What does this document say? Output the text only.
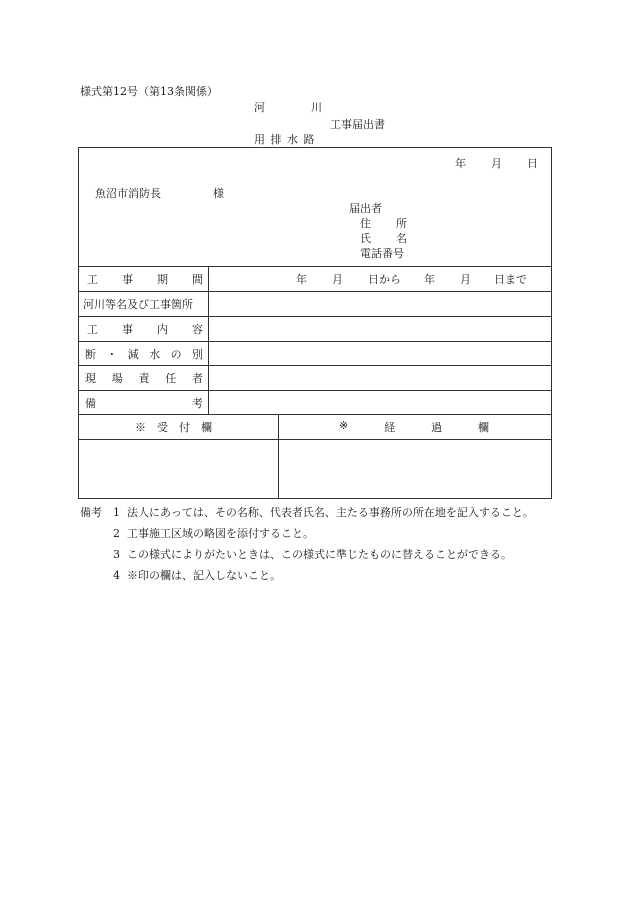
様式第12号（第13条関係）
河	川
工事届出書
用 排 水 路
年 月 日
魚沼市消防長	様
届出者
住 所
氏 名
電話番号
工 事 期 間	年 月 日から 年 月 日まで
河川等名及び工事箇所
工 事 内 容
断 ・ 減 水 の 別
現 場 責 任 者
備	考
※　受　付　欄	※	経	過	欄
備考	1 法人にあっては、その名称、代表者氏名、主たる事務所の所在地を記入すること。
2 工事施工区域の略図を添付すること。
3 この様式によりがたいときは、この様式に準じたものに替えることができる。
4 ※印の欄は、記入しないこと。
